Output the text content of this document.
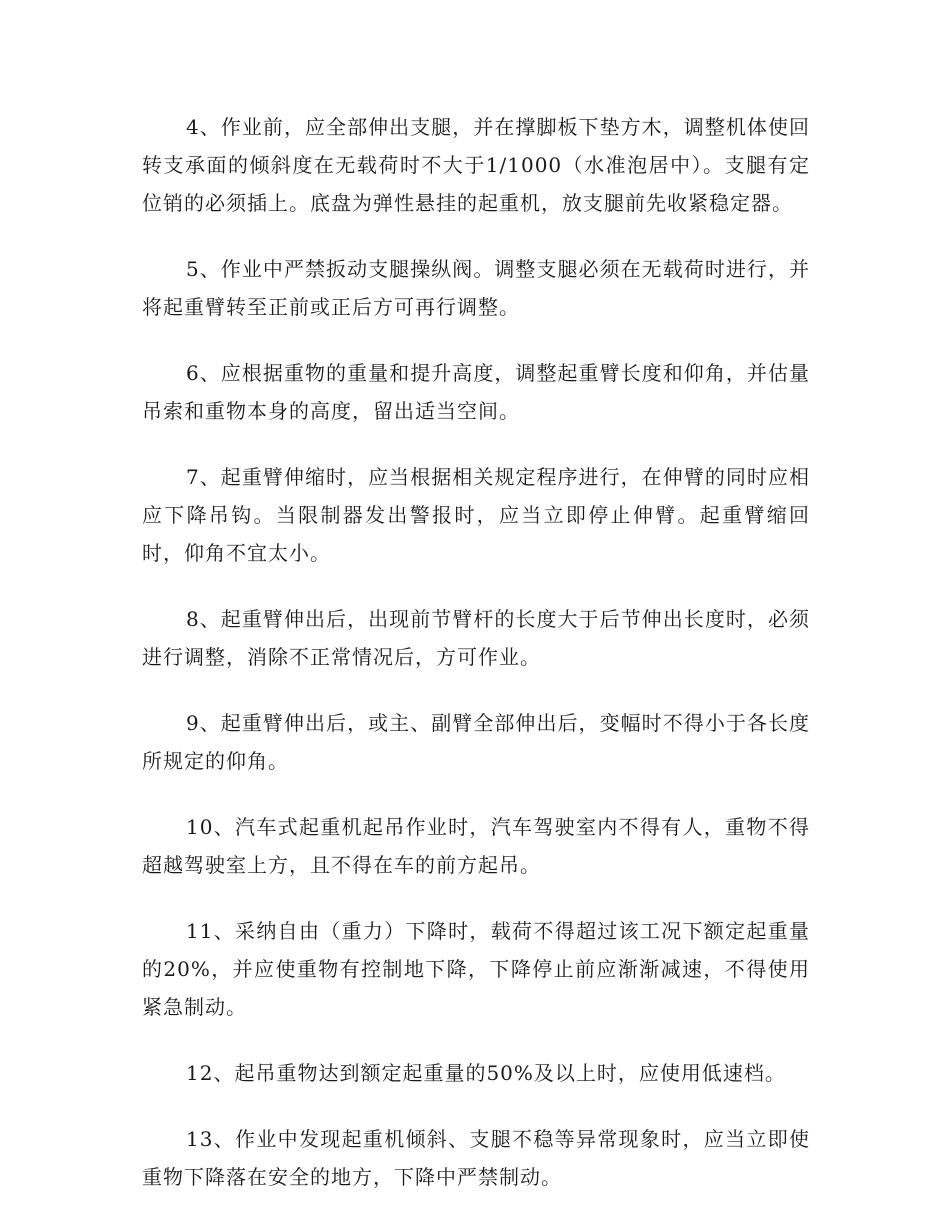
4、作业前，应全部伸出支腿，并在撑脚板下垫方木，调整机体使回转支承面的倾斜度在无载荷时不大于1/1000（水准泡居中）。支腿有定位销的必须插上。底盘为弹性悬挂的起重机，放支腿前先收紧稳定器。

5、作业中严禁扳动支腿操纵阀。调整支腿必须在无载荷时进行，并将起重臂转至正前或正后方可再行调整。

6、应根据重物的重量和提升高度，调整起重臂长度和仰角，并估量吊索和重物本身的高度，留出适当空间。

7、起重臂伸缩时，应当根据相关规定程序进行，在伸臂的同时应相应下降吊钩。当限制器发出警报时，应当立即停止伸臂。起重臂缩回时，仰角不宜太小。

8、起重臂伸出后，出现前节臂杆的长度大于后节伸出长度时，必须进行调整，消除不正常情况后，方可作业。

9、起重臂伸出后，或主、副臂全部伸出后，变幅时不得小于各长度所规定的仰角。

10、汽车式起重机起吊作业时，汽车驾驶室内不得有人，重物不得超越驾驶室上方，且不得在车的前方起吊。

11、采纳自由（重力）下降时，载荷不得超过该工况下额定起重量的20%，并应使重物有控制地下降，下降停止前应渐渐减速，不得使用紧急制动。

12、起吊重物达到额定起重量的50%及以上时，应使用低速档。

13、作业中发现起重机倾斜、支腿不稳等异常现象时，应当立即使重物下降落在安全的地方，下降中严禁制动。
